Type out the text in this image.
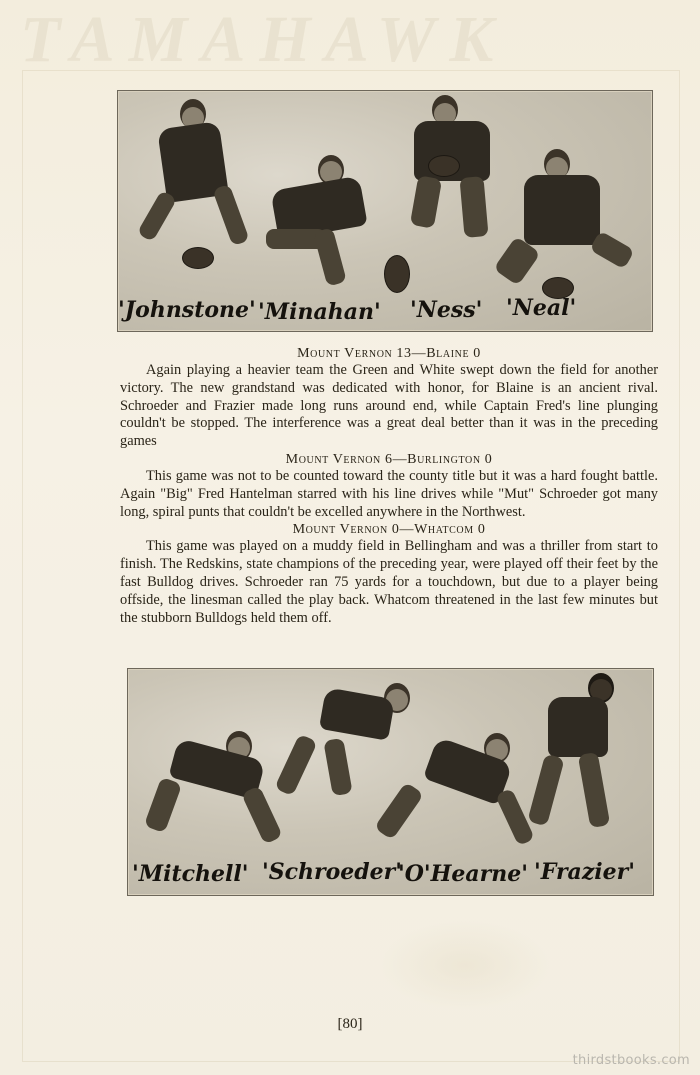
TAMAHAWK
'Johnstone' 'Minahan' 'Ness' 'Neal'

Mount Vernon 13—Blaine 0

Again playing a heavier team the Green and White swept down the field for another victory. The new grandstand was dedicated with honor, for Blaine is an ancient rival. Schroeder and Frazier made long runs around end, while Captain Fred's line plunging couldn't be stopped. The interference was a great deal better than it was in the preceding games

Mount Vernon 6—Burlington 0

This game was not to be counted toward the county title but it was a hard fought battle. Again "Big" Fred Hantelman starred with his line drives while "Mut" Schroeder got many long, spiral punts that couldn't be excelled anywhere in the Northwest.

Mount Vernon 0—Whatcom 0

This game was played on a muddy field in Bellingham and was a thriller from start to finish. The Redskins, state champions of the preceding year, were played off their feet by the fast Bulldog drives. Schroeder ran 75 yards for a touchdown, but due to a player being offside, the linesman called the play back. Whatcom threatened in the last few minutes but the stubborn Bulldogs held them off.

'Mitchell' 'Schroeder'
'O'Hearne' 'Frazier'
[80]
thirdstbooks.com
